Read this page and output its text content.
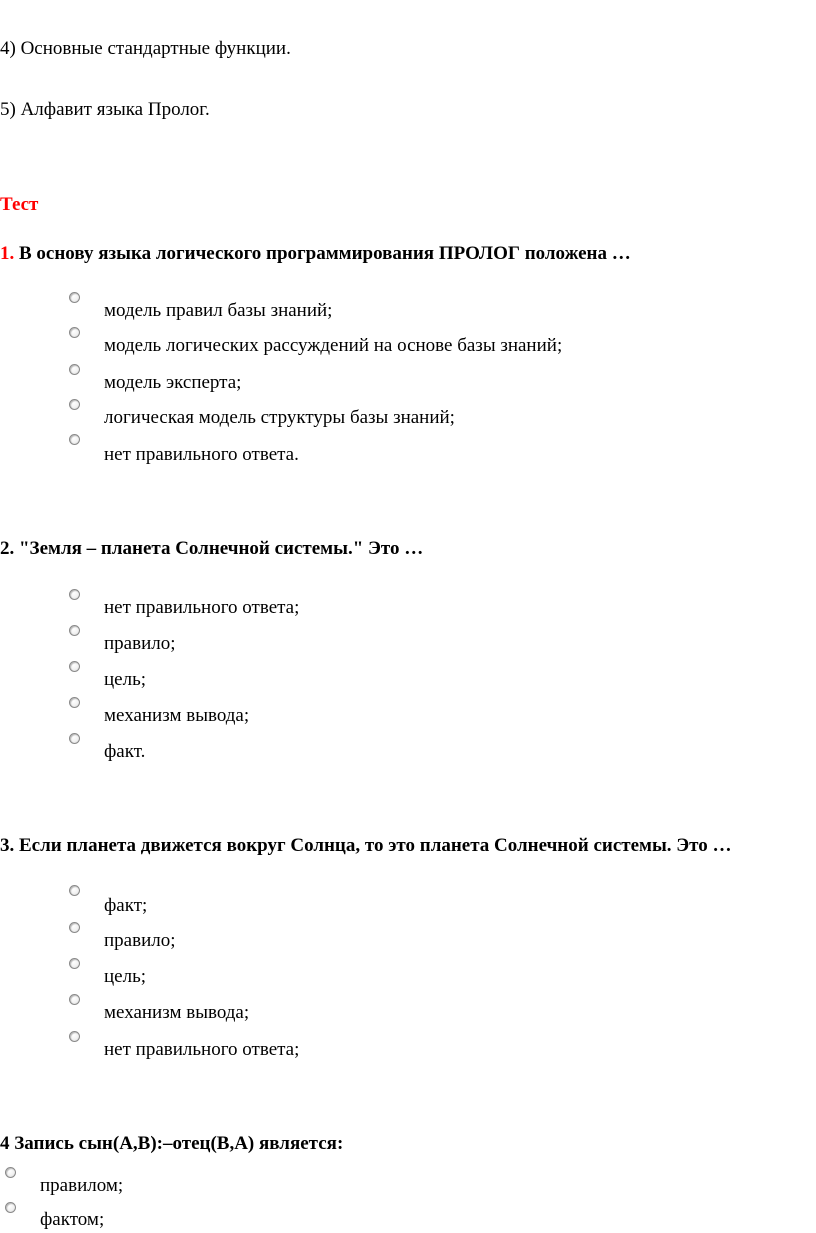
4) Основные стандартные функции.
5) Алфавит языка Пролог.
Тест
1. В основу языка логического программирования ПРОЛОГ положена …
модель правил базы знаний;
модель логических рассуждений на основе базы знаний;
модель эксперта;
логическая модель структуры базы знаний;
нет правильного ответа.
2. "Земля – планета Солнечной системы." Это …
нет правильного ответа;
правило;
цель;
механизм вывода;
факт.
3. Если планета движется вокруг Солнца, то это планета Солнечной системы. Это …
факт;
правило;
цель;
механизм вывода;
нет правильного ответа;
4 Запись сын(A,B):–отец(B,A) является:
правилом;
фактом;
